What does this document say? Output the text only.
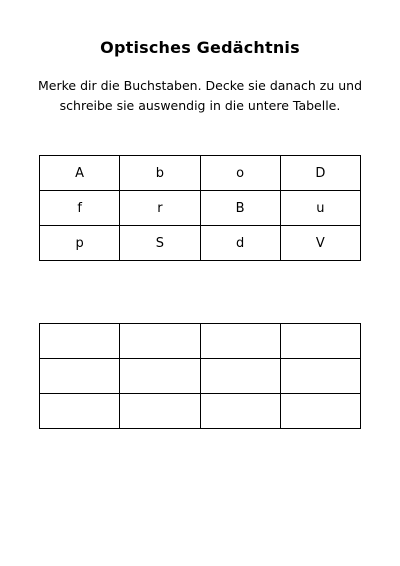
Optisches Gedächtnis
Merke dir die Buchstaben. Decke sie danach zu und
schreibe sie auswendig in die untere Tabelle.
A	b	o	D
f	r	B	u
p	S	d	V
